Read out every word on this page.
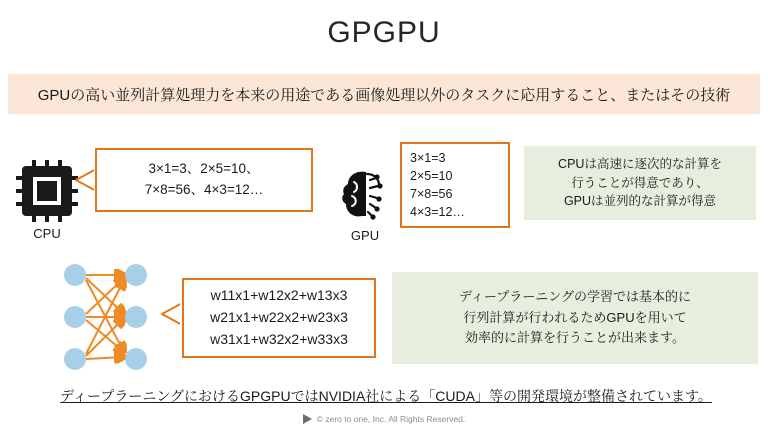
GPGPU
GPUの高い並列計算処理力を本来の用途である画像処理以外のタスクに応用すること、またはその技術
CPU
3×1=3、2×5=10、
7×8=56、4×3=12…
GPU
3×1=3
2×5=10
7×8=56
4×3=12…
CPUは高速に逐次的な計算を
行うことが得意であり、
GPUは並列的な計算が得意
w11x1+w12x2+w13x3
w21x1+w22x2+w23x3
w31x1+w32x2+w33x3
ディープラーニングの学習では基本的に
行列計算が行われるためGPUを用いて
効率的に計算を行うことが出来ます。
ディープラーニングにおけるGPGPUではNVIDIA社による「CUDA」等の開発環境が整備されています。
© zero to one, Inc. All Rights Reserved.
